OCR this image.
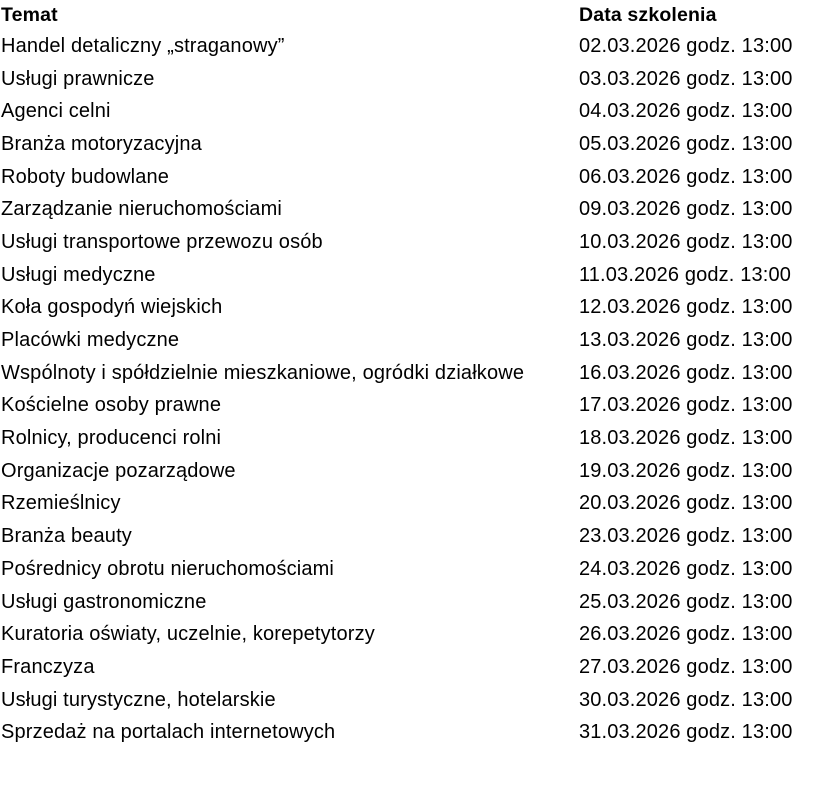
Temat	Data szkolenia
Handel detaliczny „straganowy”	02.03.2026 godz. 13:00
Usługi prawnicze	03.03.2026 godz. 13:00
Agenci celni	04.03.2026 godz. 13:00
Branża motoryzacyjna	05.03.2026 godz. 13:00
Roboty budowlane	06.03.2026 godz. 13:00
Zarządzanie nieruchomościami	09.03.2026 godz. 13:00
Usługi transportowe przewozu osób	10.03.2026 godz. 13:00
Usługi medyczne	11.03.2026 godz. 13:00
Koła gospodyń wiejskich	12.03.2026 godz. 13:00
Placówki medyczne	13.03.2026 godz. 13:00
Wspólnoty i spółdzielnie mieszkaniowe, ogródki działkowe	16.03.2026 godz. 13:00
Kościelne osoby prawne	17.03.2026 godz. 13:00
Rolnicy, producenci rolni	18.03.2026 godz. 13:00
Organizacje pozarządowe	19.03.2026 godz. 13:00
Rzemieślnicy	20.03.2026 godz. 13:00
Branża beauty	23.03.2026 godz. 13:00
Pośrednicy obrotu nieruchomościami	24.03.2026 godz. 13:00
Usługi gastronomiczne	25.03.2026 godz. 13:00
Kuratoria oświaty, uczelnie, korepetytorzy	26.03.2026 godz. 13:00
Franczyza	27.03.2026 godz. 13:00
Usługi turystyczne, hotelarskie	30.03.2026 godz. 13:00
Sprzedaż na portalach internetowych	31.03.2026 godz. 13:00
